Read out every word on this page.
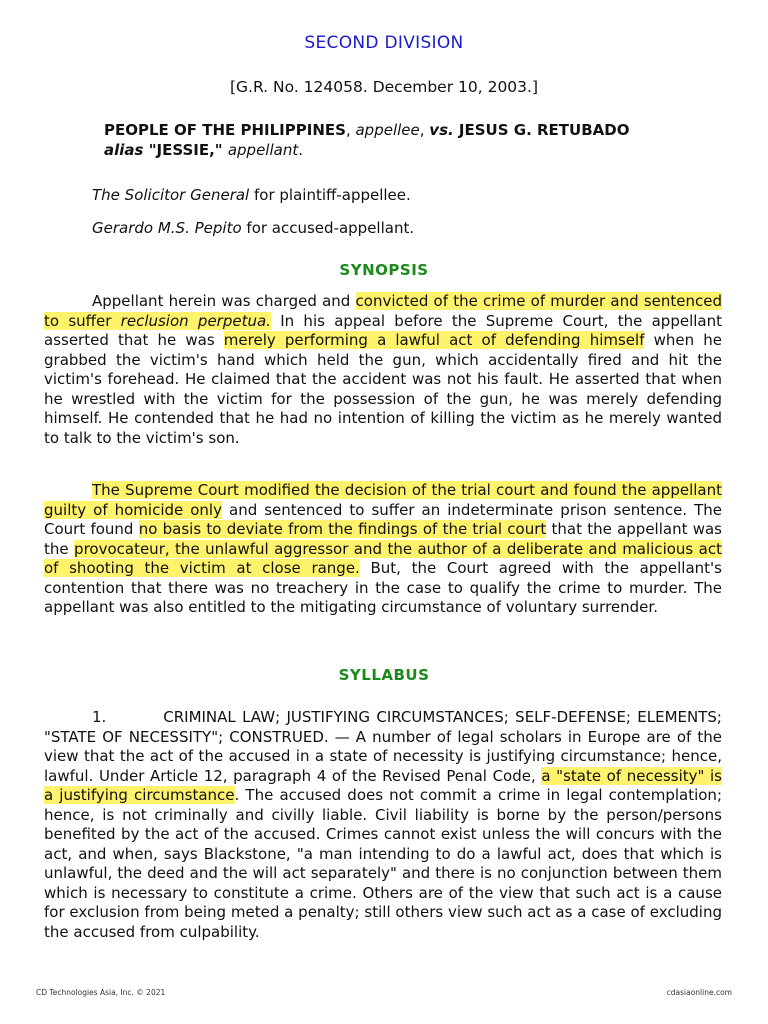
SECOND DIVISION
[G.R. No. 124058. December 10, 2003.]
PEOPLE OF THE PHILIPPINES, appellee, vs. JESUS G. RETUBADO alias "JESSIE," appellant.
The Solicitor General for plaintiff-appellee.
Gerardo M.S. Pepito for accused-appellant.
SYNOPSIS

Appellant herein was charged and convicted of the crime of murder and sentenced to suffer reclusion perpetua. In his appeal before the Supreme Court, the appellant asserted that he was merely performing a lawful act of defending himself when he grabbed the victim's hand which held the gun, which accidentally fired and hit the victim's forehead. He claimed that the accident was not his fault. He asserted that when he wrestled with the victim for the possession of the gun, he was merely defending himself. He contended that he had no intention of killing the victim as he merely wanted to talk to the victim's son.

The Supreme Court modified the decision of the trial court and found the appellant guilty of homicide only and sentenced to suffer an indeterminate prison sentence. The Court found no basis to deviate from the findings of the trial court that the appellant was the provocateur, the unlawful aggressor and the author of a deliberate and malicious act of shooting the victim at close range. But, the Court agreed with the appellant's contention that there was no treachery in the case to qualify the crime to murder. The appellant was also entitled to the mitigating circumstance of voluntary surrender.

SYLLABUS

1.         CRIMINAL LAW; JUSTIFYING CIRCUMSTANCES; SELF-DEFENSE; ELEMENTS; "STATE OF NECESSITY"; CONSTRUED. — A number of legal scholars in Europe are of the view that the act of the accused in a state of necessity is justifying circumstance; hence, lawful. Under Article 12, paragraph 4 of the Revised Penal Code, a "state of necessity" is a justifying circumstance. The accused does not commit a crime in legal contemplation; hence, is not criminally and civilly liable. Civil liability is borne by the person/persons benefited by the act of the accused. Crimes cannot exist unless the will concurs with the act, and when, says Blackstone, "a man intending to do a lawful act, does that which is unlawful, the deed and the will act separately" and there is no conjunction between them which is necessary to constitute a crime. Others are of the view that such act is a cause for exclusion from being meted a penalty; still others view such act as a case of excluding the accused from culpability.

CD Technologies Asia, Inc. © 2021	cdasiaonline.com
